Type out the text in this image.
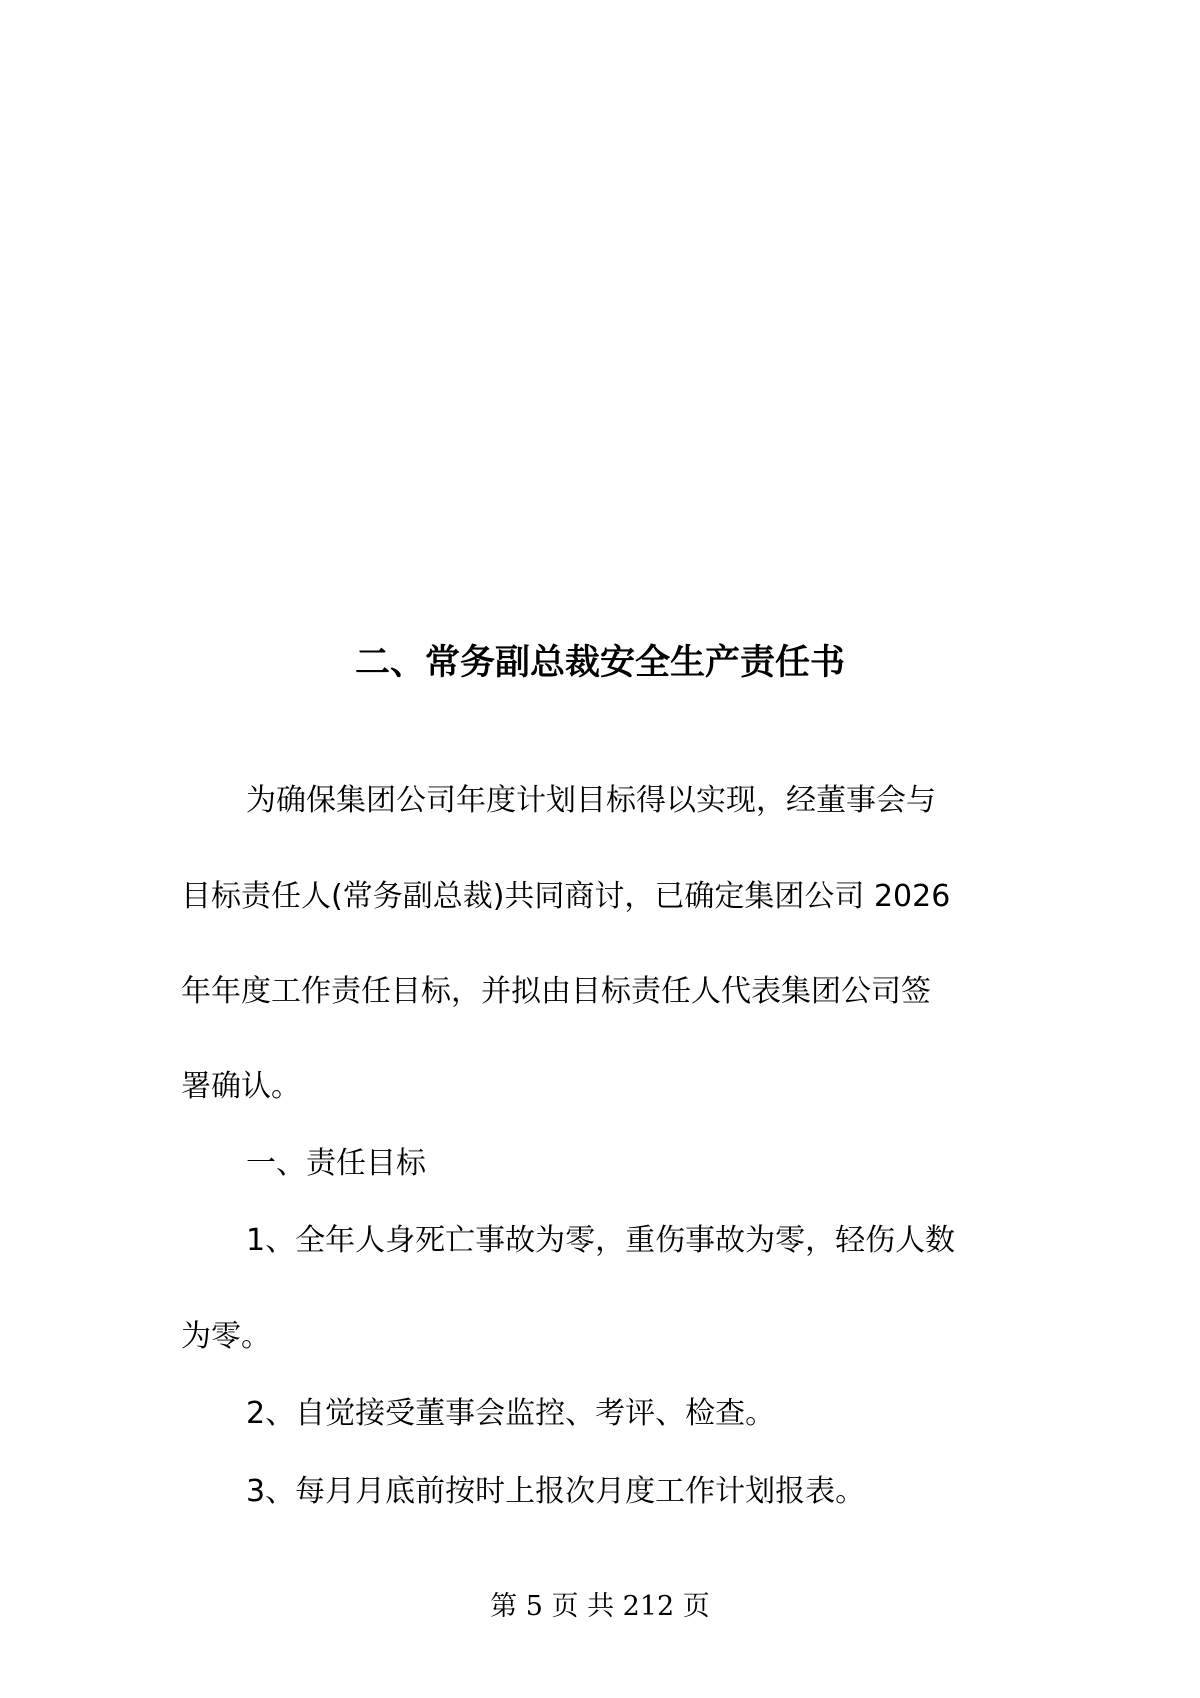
二、常务副总裁安全生产责任书

为确保集团公司年度计划目标得以实现，经董事会与

目标责任人(常务副总裁)共同商讨，已确定集团公司 2026

年年度工作责任目标，并拟由目标责任人代表集团公司签

署确认。

一、责任目标

1、全年人身死亡事故为零，重伤事故为零，轻伤人数

为零。

2、自觉接受董事会监控、考评、检查。

3、每月月底前按时上报次月度工作计划报表。

第 5 页 共 212 页
